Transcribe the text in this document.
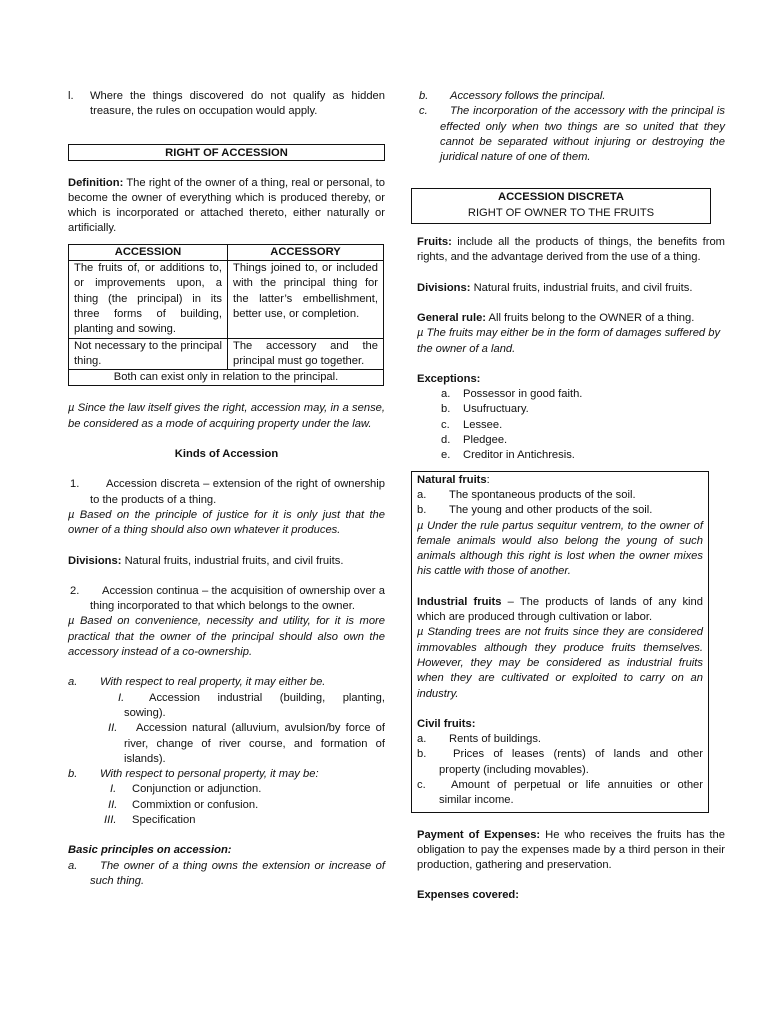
l. Where the things discovered do not qualify as hidden treasure, the rules on occupation would apply.

RIGHT OF ACCESSION

Definition: The right of the owner of a thing, real or personal, to become the owner of everything which is produced thereby, or which is incorporated or attached thereto, either naturally or artificially.

ACCESSION	ACCESSORY
The fruits of, or additions to, or improvements upon, a thing (the principal) in its three forms of building, planting and sowing.	Things joined to, or included with the principal thing for the latter’s embellishment, better use, or completion.
Not necessary to the principal thing.	The accessory and the principal must go together.
Both can exist only in relation to the principal.	

µ Since the law itself gives the right, accession may, in a sense, be considered as a mode of acquiring property under the law.

Kinds of Accession

1. Accession discreta – extension of the right of ownership to the products of a thing.

µ Based on the principle of justice for it is only just that the owner of a thing should also own whatever it produces.

Divisions: Natural fruits, industrial fruits, and civil fruits.

2. Accession continua – the acquisition of ownership over a thing incorporated to that which belongs to the owner.

µ Based on convenience, necessity and utility, for it is more practical that the owner of the principal should also own the accessory instead of a co-ownership.

a. With respect to real property, it may either be.

I. Accession industrial (building, planting, sowing).

II. Accession natural (alluvium, avulsion/by force of river, change of river course, and formation of islands).

b. With respect to personal property, it may be:

I. Conjunction or adjunction.

II. Commixtion or confusion.

III. Specification

Basic principles on accession:

a. The owner of a thing owns the extension or increase of such thing.

b. Accessory follows the principal.

c. The incorporation of the accessory with the principal is effected only when two things are so united that they cannot be separated without injuring or destroying the juridical nature of one of them.

ACCESSION DISCRETA

RIGHT OF OWNER TO THE FRUITS

Fruits: include all the products of things, the benefits from rights, and the advantage derived from the use of a thing.

Divisions: Natural fruits, industrial fruits, and civil fruits.

General rule: All fruits belong to the OWNER of a thing.

µ The fruits may either be in the form of damages suffered by the owner of a land.

Exceptions:

a. Possessor in good faith.

b. Usufructuary.

c. Lessee.

d. Pledgee.

e. Creditor in Antichresis.

Natural fruits:

a. The spontaneous products of the soil.

b. The young and other products of the soil.

µ Under the rule partus sequitur ventrem, to the owner of female animals would also belong the young of such animals although this right is lost when the owner mixes his cattle with those of another.

Industrial fruits – The products of lands of any kind which are produced through cultivation or labor.

µ Standing trees are not fruits since they are considered immovables although they produce fruits themselves. However, they may be considered as industrial fruits when they are cultivated or exploited to carry on an industry.

Civil fruits:

a. Rents of buildings.

b. Prices of leases (rents) of lands and other property (including movables).

c. Amount of perpetual or life annuities or other similar income.

Payment of Expenses: He who receives the fruits has the obligation to pay the expenses made by a third person in their production, gathering and preservation.

Expenses covered:
